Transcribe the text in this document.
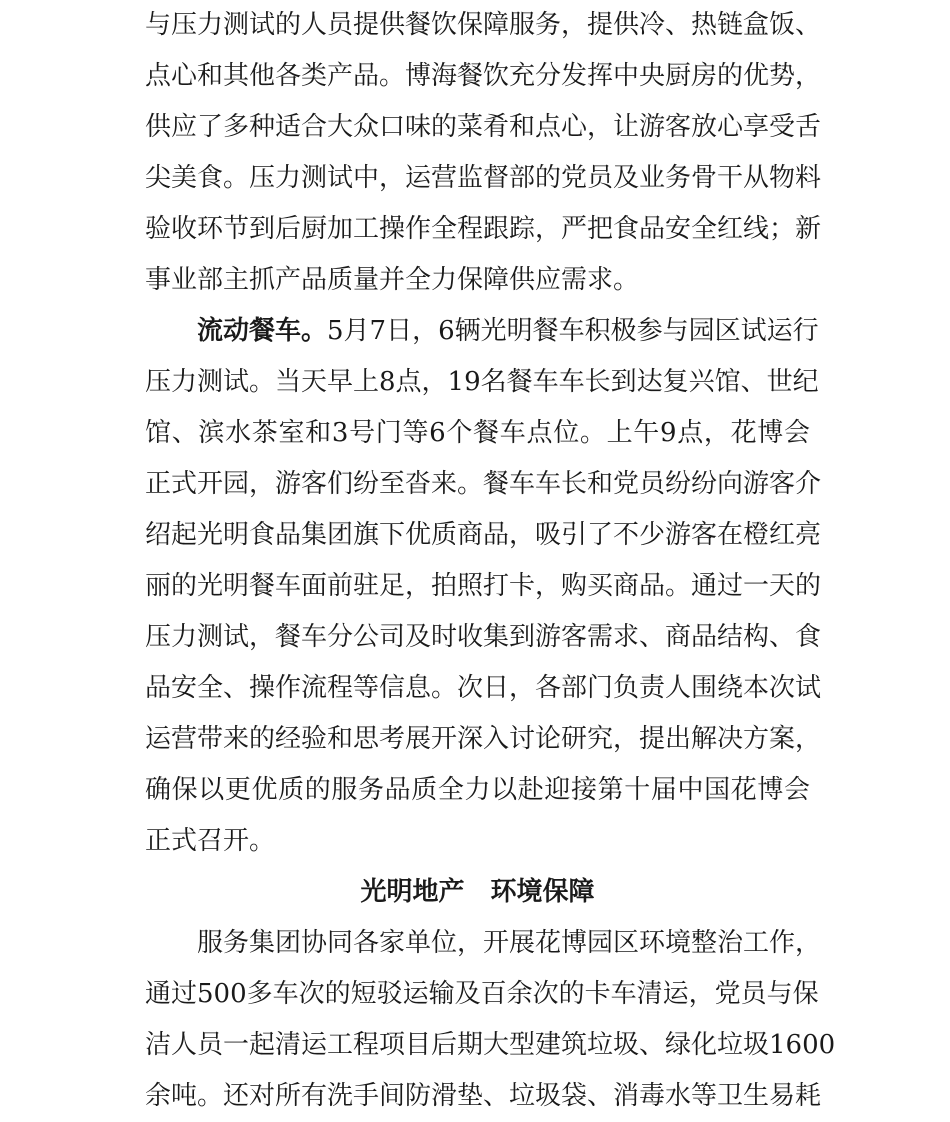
与压力测试的人员提供餐饮保障服务，提供冷、热链盒饭、
点心和其他各类产品。博海餐饮充分发挥中央厨房的优势，
供应了多种适合大众口味的菜肴和点心，让游客放心享受舌
尖美食。压力测试中，运营监督部的党员及业务骨干从物料
验收环节到后厨加工操作全程跟踪，严把食品安全红线；新
事业部主抓产品质量并全力保障供应需求。
流动餐车。5月7日，6辆光明餐车积极参与园区试运行
压力测试。当天早上8点，19名餐车车长到达复兴馆、世纪
馆、滨水茶室和3号门等6个餐车点位。上午9点，花博会
正式开园，游客们纷至沓来。餐车车长和党员纷纷向游客介
绍起光明食品集团旗下优质商品，吸引了不少游客在橙红亮
丽的光明餐车面前驻足，拍照打卡，购买商品。通过一天的
压力测试，餐车分公司及时收集到游客需求、商品结构、食
品安全、操作流程等信息。次日，各部门负责人围绕本次试
运营带来的经验和思考展开深入讨论研究，提出解决方案，
确保以更优质的服务品质全力以赴迎接第十届中国花博会
正式召开。
光明地产　环境保障
服务集团协同各家单位，开展花博园区环境整治工作，
通过500多车次的短驳运输及百余次的卡车清运，党员与保
洁人员一起清运工程项目后期大型建筑垃圾、绿化垃圾1600
余吨。还对所有洗手间防滑垫、垃圾袋、消毒水等卫生易耗
